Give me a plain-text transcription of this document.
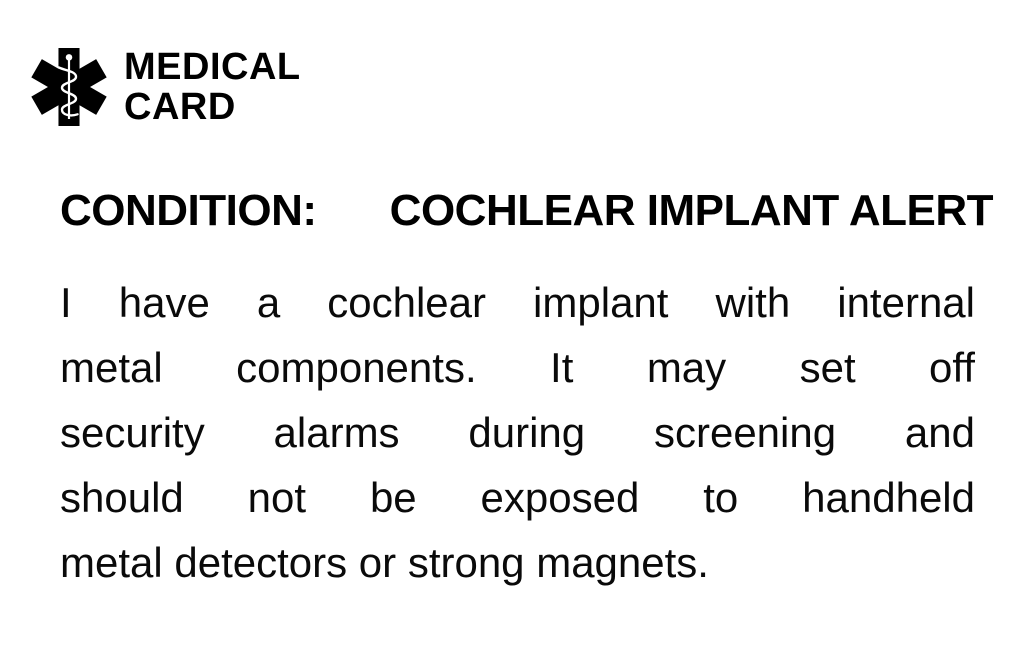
MEDICAL
CARD
CONDITION: COCHLEAR IMPLANT ALERT
I have a cochlear implant with internal
metal components. It may set off
security alarms during screening and
should not be exposed to handheld
metal detectors or strong magnets.
